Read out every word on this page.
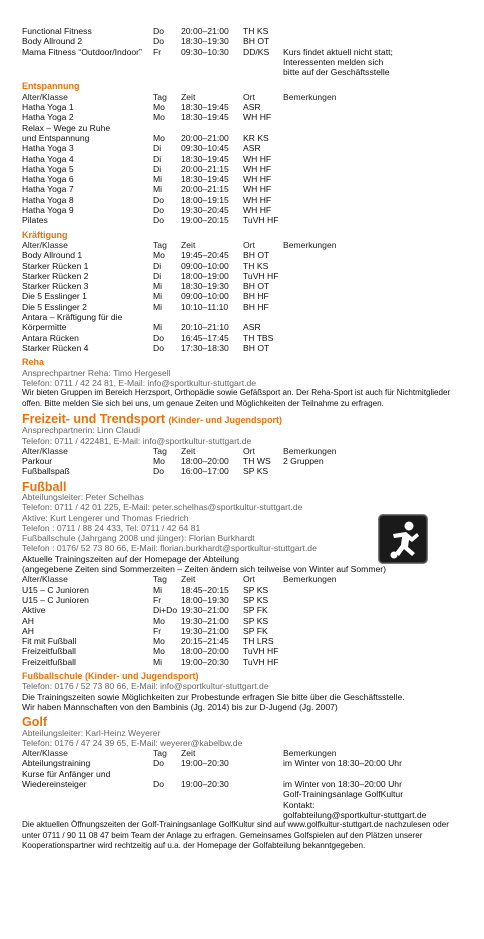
Functional Fitness	Do	20:00–21:00	TH KS
Body Allround 2	Do	18:30–19:30	BH OT
Mama Fitness “Outdoor/Indoor”	Fr	09:30–10:30	DD/KS	Kurs findet aktuell nicht statt;
Interessenten melden sich
bitte auf der Geschäftsstelle
Entspannung
Alter/Klasse	Tag	Zeit	Ort	Bemerkungen
Hatha Yoga 1	Mo	18:30–19:45	ASR
Hatha Yoga 2	Mo	18:30–19:45	WH HF
Relax – Wege zu Ruhe
und Entspannung	Mo	20:00–21:00	KR KS
Hatha Yoga 3	Di	09:30–10:45	ASR
Hatha Yoga 4	Di	18:30–19:45	WH HF
Hatha Yoga 5	Di	20:00–21:15	WH HF
Hatha Yoga 6	Mi	18:30–19:45	WH HF
Hatha Yoga 7	Mi	20:00–21:15	WH HF
Hatha Yoga 8	Do	18:00–19:15	WH HF
Hatha Yoga 9	Do	19:30–20:45	WH HF
Pilates	Do	19:00–20:15	TuVH HF
Kräftigung
Alter/Klasse	Tag	Zeit	Ort	Bemerkungen
Body Allround 1	Mo	19:45–20:45	BH OT
Starker Rücken 1	Di	09:00–10:00	TH KS
Starker Rücken 2	Di	18:00–19:00	TuVH HF
Starker Rücken 3	Mi	18:30–19:30	BH OT
Die 5 Esslinger 1	Mi	09:00–10:00	BH HF
Die 5 Esslinger 2	Mi	10:10–11:10	BH HF
Antara – Kräftigung für die
Körpermitte	Mi	20:10–21:10	ASR
Antara Rücken	Do	16:45–17:45	TH TBS
Starker Rücken 4	Do	17:30–18:30	BH OT
Reha
Ansprechpartner Reha: Timo Hergesell
Telefon: 0711 / 42 24 81, E-Mail: info@sportkultur-stuttgart.de
Wir bieten Gruppen im Bereich Herzsport, Orthopädie sowie Gefäßsport an. Der Reha-Sport ist auch für Nichtmitglieder offen. Bitte melden Sie sich bei uns, um genaue Zeiten und Möglichkeiten der Teilnahme zu erfragen.
Freizeit- und Trendsport (Kinder- und Jugendsport)
Ansprechpartnerin: Linn Claudi
Telefon: 0711 / 422481, E-Mail: info@sportkultur-stuttgart.de
Alter/Klasse	Tag	Zeit	Ort	Bemerkungen
Parkour	Mo	18:00–20:00	TH WS	2 Gruppen
Fußballspaß	Do	16:00–17:00	SP KS
Fußball
Abteilungsleiter: Peter Schelhas
Telefon: 0711 / 42 01 225, E-Mail: peter.schelhas@sportkultur-stuttgart.de
Aktive: Kurt Lengerer und Thomas Friedrich
Telefon : 0711 / 88 24 433, Tel: 0711 / 42 64 81
Fußballschule (Jahrgang 2008 und jünger): Florian Burkhardt
Telefon : 0176/ 52 73 80 66, E-Mail: florian.burkhardt@sportkultur-stuttgart.de
Aktuelle Trainingszeiten auf der Homepage der Abteilung
(angegebene Zeiten sind Sommerzeiten – Zeiten ändern sich teilweise von Winter auf Sommer)
Alter/Klasse	Tag	Zeit	Ort	Bemerkungen
U15 – C Junioren	Mi	18:45–20:15	SP KS
U15 – C Junioren	Fr	18:00–19:30	SP KS
Aktive	Di+Do 19:30–21:00	SP FK
AH	Mo	19:30–21:00	SP KS
AH	Fr	19:30–21:00	SP FK
Fit mit Fußball	Mo	20:15–21:45	TH LRS
Freizeitfußball	Mo	18:00–20:00	TuVH HF
Freizeitfußball	Mi	19:00–20:30	TuVH HF
Fußballschule (Kinder- und Jugendsport)
Telefon: 0176 / 52 73 80 66, E-Mail: info@sportkultur-stuttgart.de
Die Trainingszeiten sowie Möglichkeiten zur Probestunde erfragen Sie bitte über die Geschäftsstelle.
Wir haben Mannschaften von den Bambinis (Jg. 2014) bis zur D-Jugend (Jg. 2007)
Golf
Abteilungsleiter: Karl-Heinz Weyerer
Telefon: 0176 / 47 24 39 65, E-Mail: weyerer@kabelbw.de
Alter/Klasse	Tag	Zeit	Bemerkungen
Abteilungstraining	Do	19:00–20:30	im Winter von 18:30–20:00 Uhr
Kurse für Anfänger und
Wiedereinsteiger	Do	19:00–20:30	im Winter von 18:30–20:00 Uhr
Golf-Trainingsanlage GolfKultur
Kontakt:
golfabteilung@sportkultur-stuttgart.de
Die aktuellen Öffnungszeiten der Golf-Trainingsanlage GolfKultur sind auf www.golfkultur-stuttgart.de nachzulesen oder unter 0711 / 90 11 08 47 beim Team der Anlage zu erfragen. Gemeinsames Golfspielen auf den Plätzen unserer Kooperationspartner wird rechtzeitig auf u.a. der Homepage der Golfabteilung bekanntgegeben.
